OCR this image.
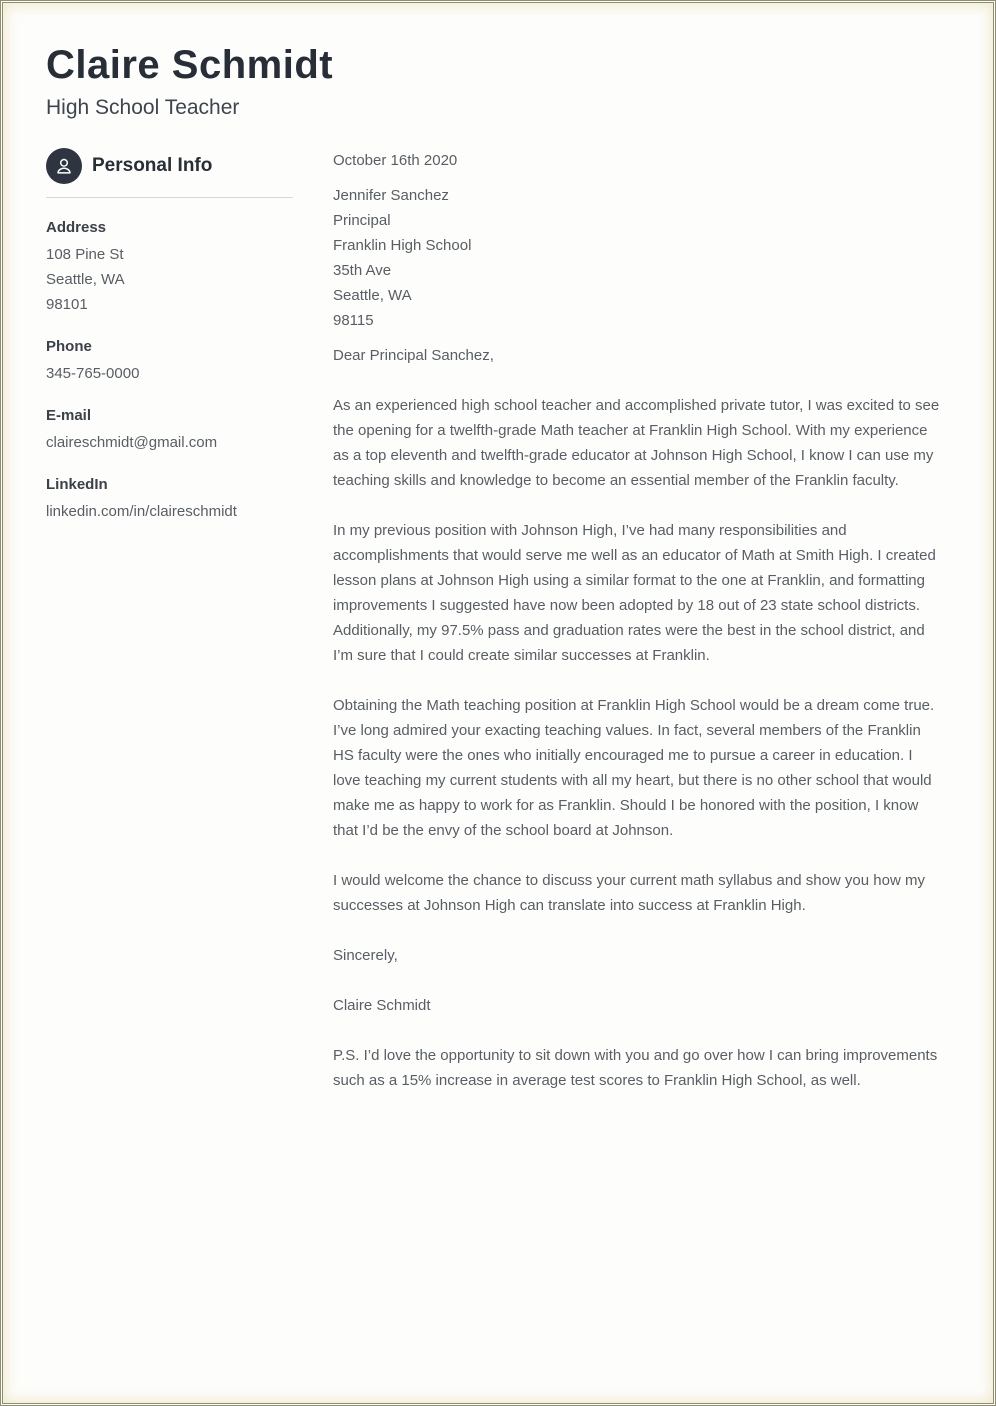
Claire Schmidt
High School Teacher
Personal Info
Address
108 Pine St
Seattle, WA
98101
Phone
345-765-0000
E-mail
claireschmidt@gmail.com
LinkedIn
linkedin.com/in/claireschmidt
October 16th 2020
Jennifer Sanchez
Principal
Franklin High School
35th Ave
Seattle, WA
98115
Dear Principal Sanchez,

As an experienced high school teacher and accomplished private tutor, I was excited to see the opening for a twelfth-grade Math teacher at Franklin High School. With my experience as a top eleventh and twelfth-grade educator at Johnson High School, I know I can use my teaching skills and knowledge to become an essential member of the Franklin faculty.

In my previous position with Johnson High, I’ve had many responsibilities and accomplishments that would serve me well as an educator of Math at Smith High. I created lesson plans at Johnson High using a similar format to the one at Franklin, and formatting improvements I suggested have now been adopted by 18 out of 23 state school districts. Additionally, my 97.5% pass and graduation rates were the best in the school district, and I’m sure that I could create similar successes at Franklin.

Obtaining the Math teaching position at Franklin High School would be a dream come true. I’ve long admired your exacting teaching values. In fact, several members of the Franklin HS faculty were the ones who initially encouraged me to pursue a career in education. I love teaching my current students with all my heart, but there is no other school that would make me as happy to work for as Franklin. Should I be honored with the position, I know that I’d be the envy of the school board at Johnson.

I would welcome the chance to discuss your current math syllabus and show you how my successes at Johnson High can translate into success at Franklin High.

Sincerely,

Claire Schmidt

P.S. I’d love the opportunity to sit down with you and go over how I can bring improvements such as a 15% increase in average test scores to Franklin High School, as well.
